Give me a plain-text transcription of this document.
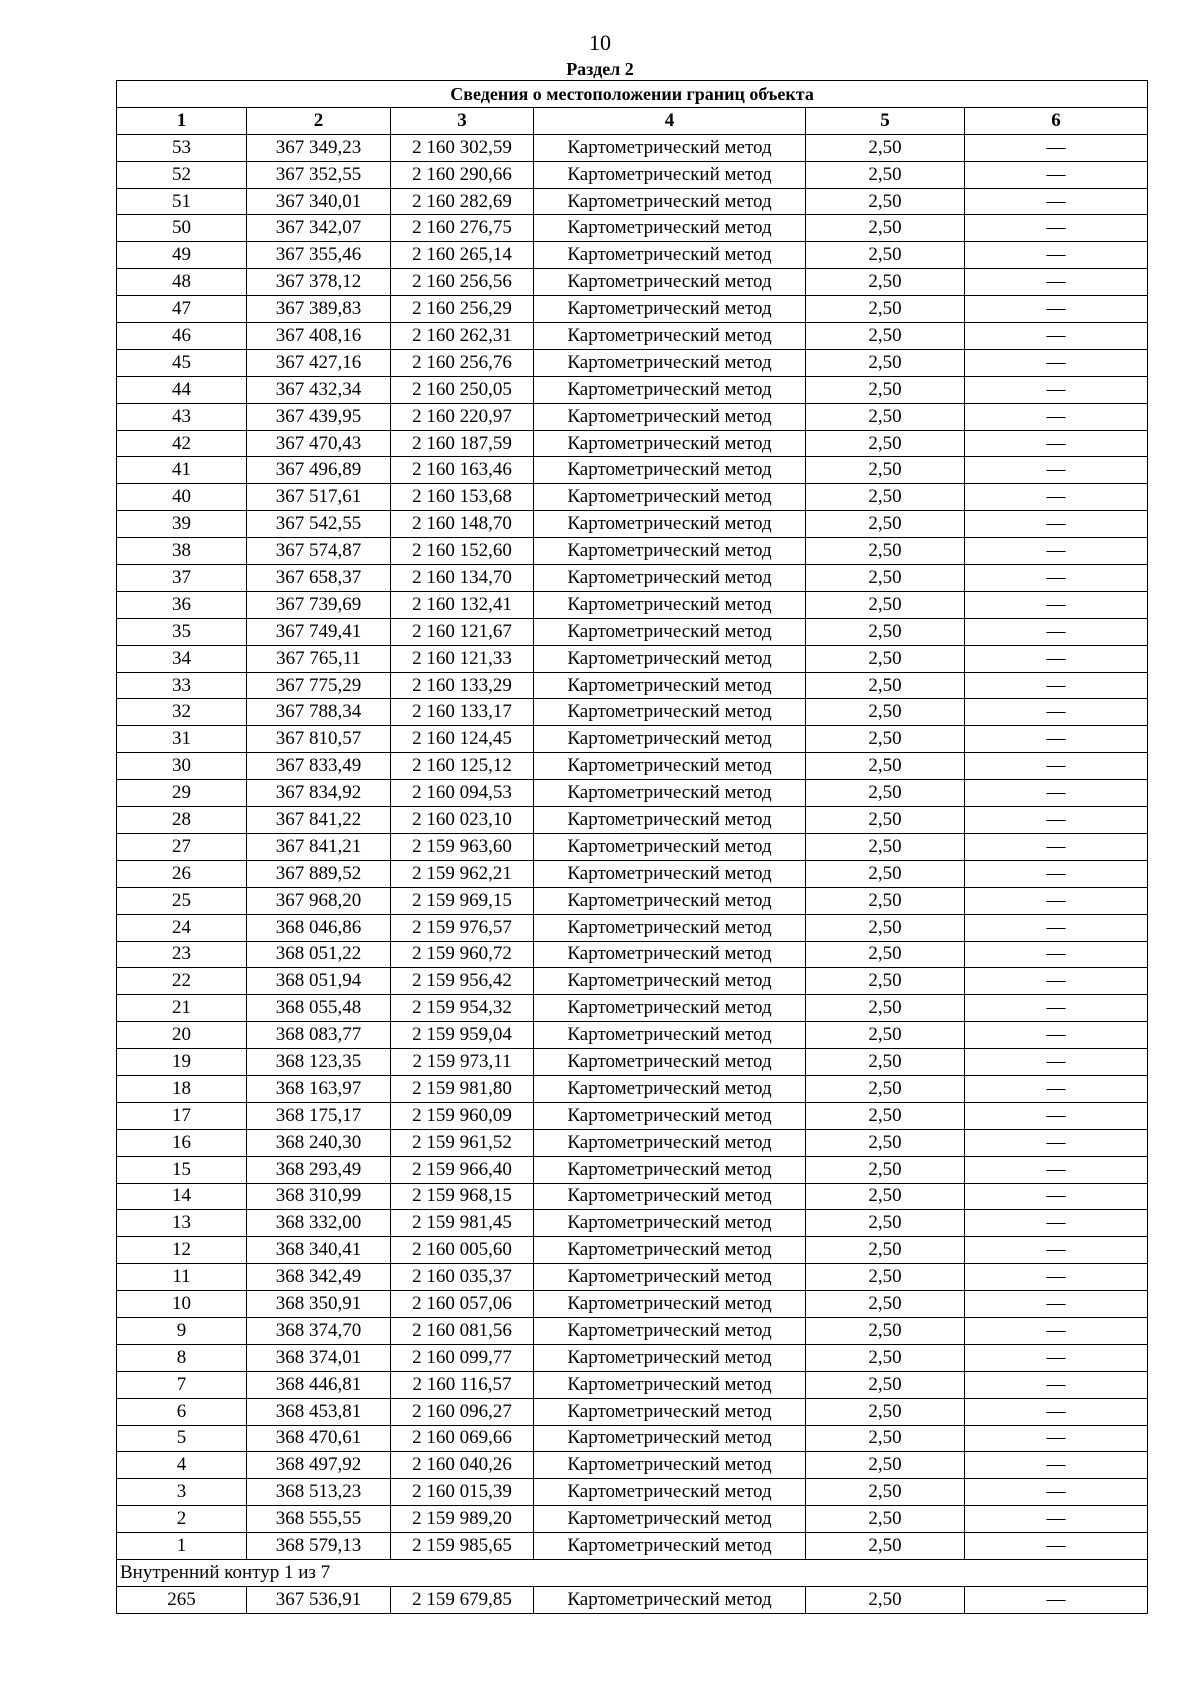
10
Раздел 2
Сведения о местоположении границ объекта					
1	2	3	4	5	6
53	367 349,23	2 160 302,59	Картометрический метод	2,50	—
52	367 352,55	2 160 290,66	Картометрический метод	2,50	—
51	367 340,01	2 160 282,69	Картометрический метод	2,50	—
50	367 342,07	2 160 276,75	Картометрический метод	2,50	—
49	367 355,46	2 160 265,14	Картометрический метод	2,50	—
48	367 378,12	2 160 256,56	Картометрический метод	2,50	—
47	367 389,83	2 160 256,29	Картометрический метод	2,50	—
46	367 408,16	2 160 262,31	Картометрический метод	2,50	—
45	367 427,16	2 160 256,76	Картометрический метод	2,50	—
44	367 432,34	2 160 250,05	Картометрический метод	2,50	—
43	367 439,95	2 160 220,97	Картометрический метод	2,50	—
42	367 470,43	2 160 187,59	Картометрический метод	2,50	—
41	367 496,89	2 160 163,46	Картометрический метод	2,50	—
40	367 517,61	2 160 153,68	Картометрический метод	2,50	—
39	367 542,55	2 160 148,70	Картометрический метод	2,50	—
38	367 574,87	2 160 152,60	Картометрический метод	2,50	—
37	367 658,37	2 160 134,70	Картометрический метод	2,50	—
36	367 739,69	2 160 132,41	Картометрический метод	2,50	—
35	367 749,41	2 160 121,67	Картометрический метод	2,50	—
34	367 765,11	2 160 121,33	Картометрический метод	2,50	—
33	367 775,29	2 160 133,29	Картометрический метод	2,50	—
32	367 788,34	2 160 133,17	Картометрический метод	2,50	—
31	367 810,57	2 160 124,45	Картометрический метод	2,50	—
30	367 833,49	2 160 125,12	Картометрический метод	2,50	—
29	367 834,92	2 160 094,53	Картометрический метод	2,50	—
28	367 841,22	2 160 023,10	Картометрический метод	2,50	—
27	367 841,21	2 159 963,60	Картометрический метод	2,50	—
26	367 889,52	2 159 962,21	Картометрический метод	2,50	—
25	367 968,20	2 159 969,15	Картометрический метод	2,50	—
24	368 046,86	2 159 976,57	Картометрический метод	2,50	—
23	368 051,22	2 159 960,72	Картометрический метод	2,50	—
22	368 051,94	2 159 956,42	Картометрический метод	2,50	—
21	368 055,48	2 159 954,32	Картометрический метод	2,50	—
20	368 083,77	2 159 959,04	Картометрический метод	2,50	—
19	368 123,35	2 159 973,11	Картометрический метод	2,50	—
18	368 163,97	2 159 981,80	Картометрический метод	2,50	—
17	368 175,17	2 159 960,09	Картометрический метод	2,50	—
16	368 240,30	2 159 961,52	Картометрический метод	2,50	—
15	368 293,49	2 159 966,40	Картометрический метод	2,50	—
14	368 310,99	2 159 968,15	Картометрический метод	2,50	—
13	368 332,00	2 159 981,45	Картометрический метод	2,50	—
12	368 340,41	2 160 005,60	Картометрический метод	2,50	—
11	368 342,49	2 160 035,37	Картометрический метод	2,50	—
10	368 350,91	2 160 057,06	Картометрический метод	2,50	—
9	368 374,70	2 160 081,56	Картометрический метод	2,50	—
8	368 374,01	2 160 099,77	Картометрический метод	2,50	—
7	368 446,81	2 160 116,57	Картометрический метод	2,50	—
6	368 453,81	2 160 096,27	Картометрический метод	2,50	—
5	368 470,61	2 160 069,66	Картометрический метод	2,50	—
4	368 497,92	2 160 040,26	Картометрический метод	2,50	—
3	368 513,23	2 160 015,39	Картометрический метод	2,50	—
2	368 555,55	2 159 989,20	Картометрический метод	2,50	—
1	368 579,13	2 159 985,65	Картометрический метод	2,50	—
Внутренний контур 1 из 7					
265	367 536,91	2 159 679,85	Картометрический метод	2,50	—
